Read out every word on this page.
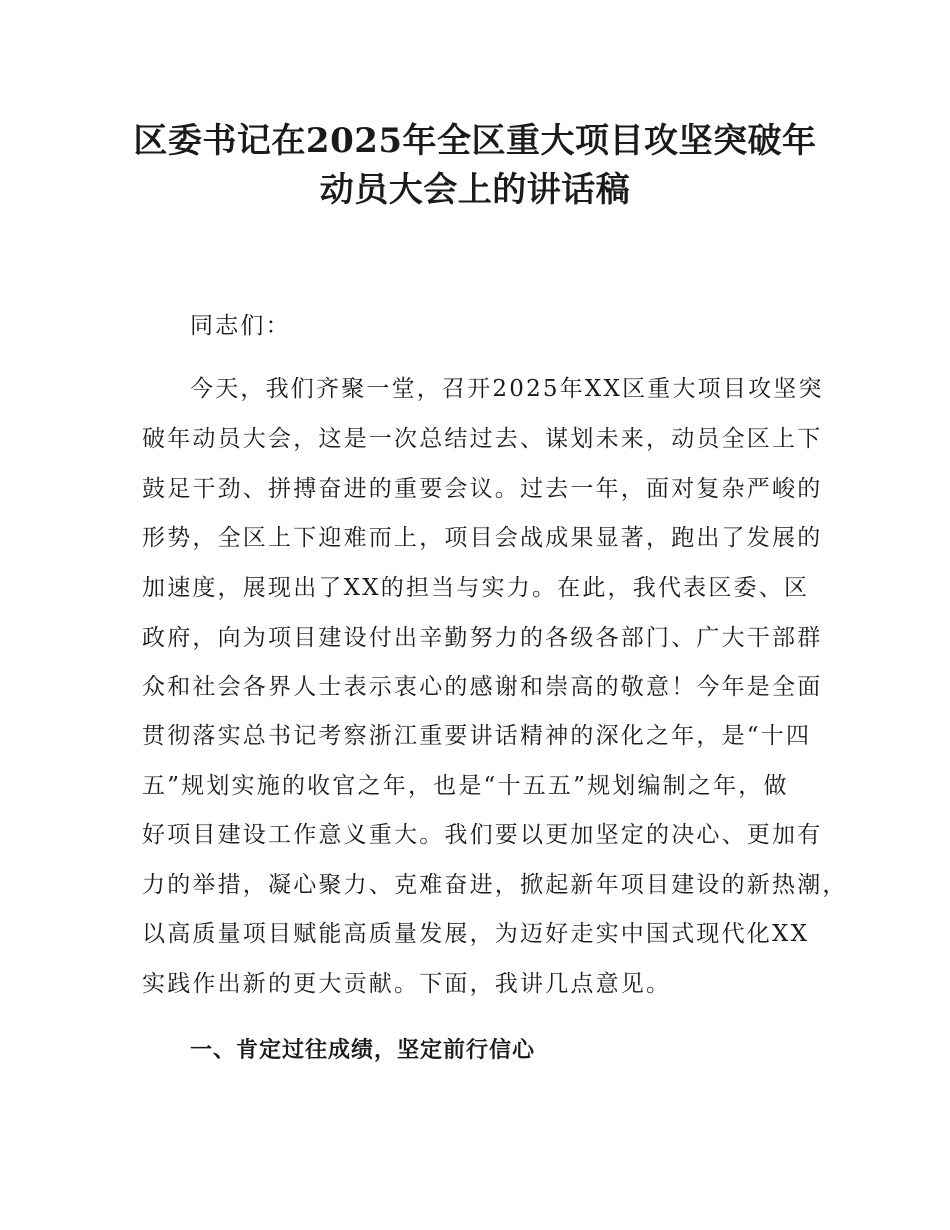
区委书记在2025年全区重大项目攻坚突破年
动员大会上的讲话稿
同志们：
今天，我们齐聚一堂，召开2025年XX区重大项目攻坚突
破年动员大会，这是一次总结过去、谋划未来，动员全区上下
鼓足干劲、拼搏奋进的重要会议。过去一年，面对复杂严峻的
形势，全区上下迎难而上，项目会战成果显著，跑出了发展的
加速度，展现出了XX的担当与实力。在此，我代表区委、区
政府，向为项目建设付出辛勤努力的各级各部门、广大干部群
众和社会各界人士表示衷心的感谢和崇高的敬意！今年是全面
贯彻落实总书记考察浙江重要讲话精神的深化之年，是“十四
五”规划实施的收官之年，也是“十五五”规划编制之年，做
好项目建设工作意义重大。我们要以更加坚定的决心、更加有
力的举措，凝心聚力、克难奋进，掀起新年项目建设的新热潮，
以高质量项目赋能高质量发展，为迈好走实中国式现代化XX
实践作出新的更大贡献。下面，我讲几点意见。
一、肯定过往成绩，坚定前行信心
